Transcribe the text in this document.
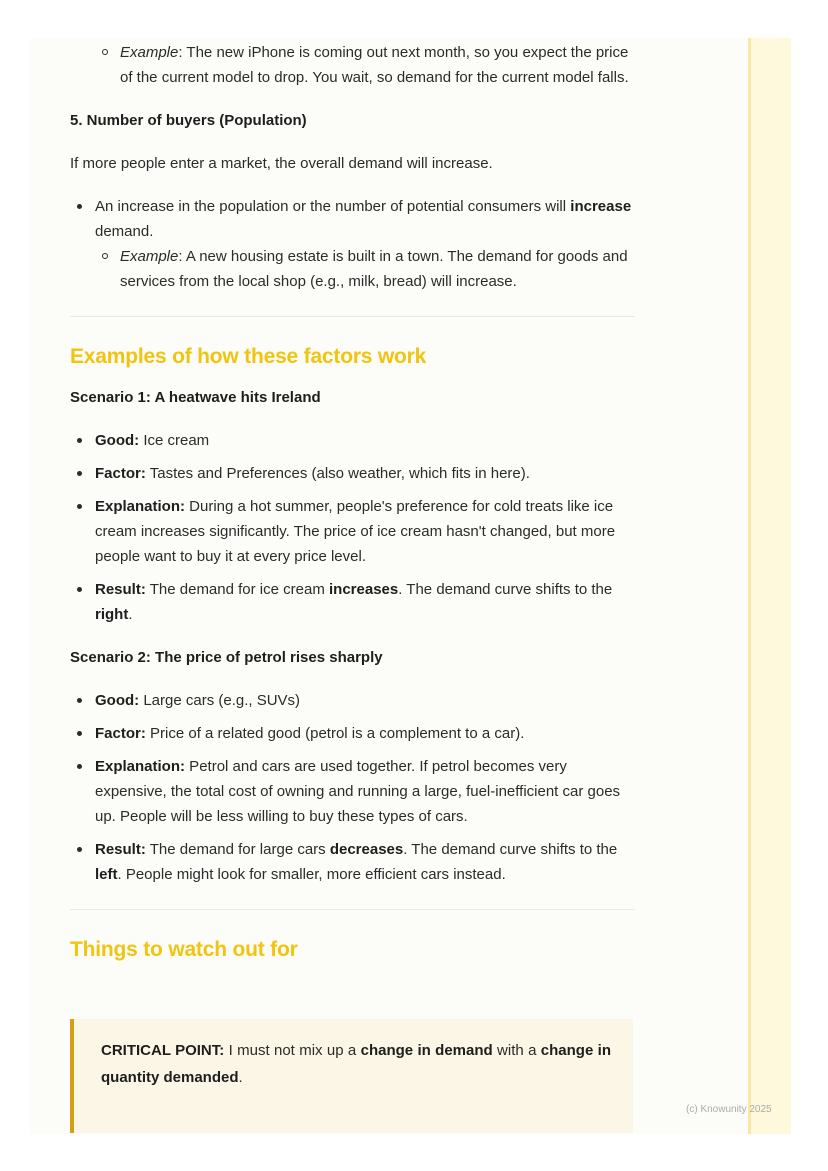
Example: The new iPhone is coming out next month, so you expect the price of the current model to drop. You wait, so demand for the current model falls.
5. Number of buyers (Population)

If more people enter a market, the overall demand will increase.

An increase in the population or the number of potential consumers will increase demand.
Example: A new housing estate is built in a town. The demand for goods and services from the local shop (e.g., milk, bread) will increase.
Examples of how these factors work
Scenario 1: A heatwave hits Ireland
Good: Ice cream
Factor: Tastes and Preferences (also weather, which fits in here).
Explanation: During a hot summer, people's preference for cold treats like ice cream increases significantly. The price of ice cream hasn't changed, but more people want to buy it at every price level.
Result: The demand for ice cream increases. The demand curve shifts to the right.
Scenario 2: The price of petrol rises sharply
Good: Large cars (e.g., SUVs)
Factor: Price of a related good (petrol is a complement to a car).
Explanation: Petrol and cars are used together. If petrol becomes very expensive, the total cost of owning and running a large, fuel-inefficient car goes up. People will be less willing to buy these types of cars.
Result: The demand for large cars decreases. The demand curve shifts to the left. People might look for smaller, more efficient cars instead.
Things to watch out for

CRITICAL POINT: I must not mix up a change in demand with a change in quantity demanded.

(c) Knowunity 2025
